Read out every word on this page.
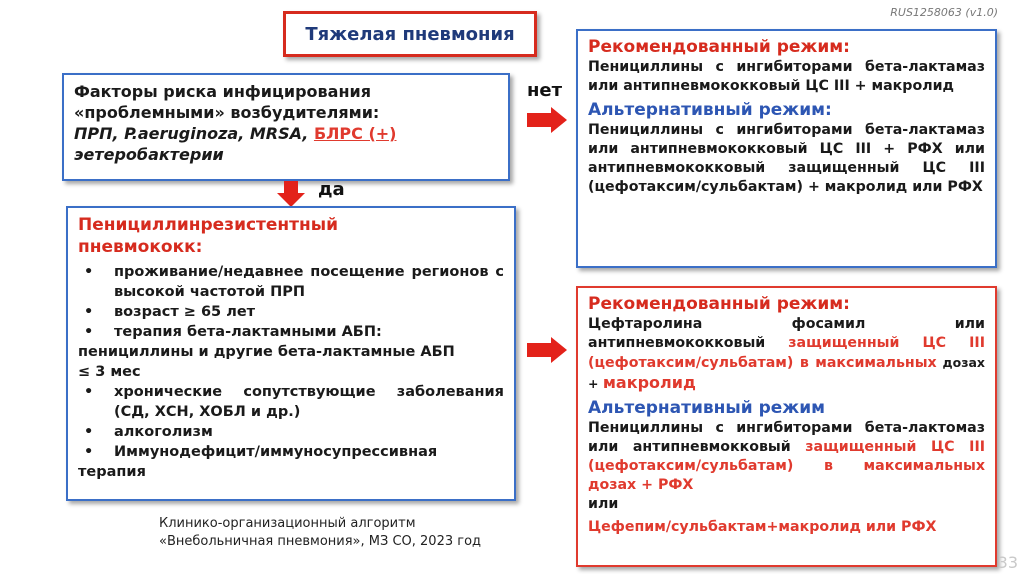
RUS1258063 (v1.0)
Тяжелая пневмония
Факторы риска инфицирования
«проблемными» возбудителями:
ПРП, P.aeruginoza, MRSA, БЛРС (+)
эетеробактерии
нет
да
Пенициллинрезистентный
пневмококк:
• проживание/недавнее посещение регионов с высокой частотой ПРП
• возраст ≥ 65 лет
• терапия бета-лактамными АБП:
пенициллины и другие бета-лактамные АБП
≤ 3 мес
• хронические сопутствующие заболевания (СД, ХСН, ХОБЛ и др.)
• алкоголизм
• Иммунодефицит/иммуносупрессивная
терапия
Рекомендованный режим:
Пенициллины с ингибиторами бета-лактамаз или антипневмококковый ЦС III + макролид
Альтернативный режим:
Пенициллины с ингибиторами бета-лактамаз или антипневмококковый ЦС III + РФХ или антипневмококковый защищенный ЦС III (цефотаксим/сульбактам) + макролид или РФХ
Рекомендованный режим:
Цефтаролина фосамил или антипневмококковый защищенный ЦС III (цефотаксим/сульбатам) в максимальных дозах + макролид
Альтернативный режим
Пенициллины с ингибиторами бета-лактомаз или антипневмокковый защищенный ЦС III (цефотаксим/сульбатам) в максимальных дозах + РФХ
или
Цефепим/сульбактам+макролид или РФХ
Клинико-организационный алгоритм
«Внебольничная пневмония», МЗ СО, 2023 год
33
